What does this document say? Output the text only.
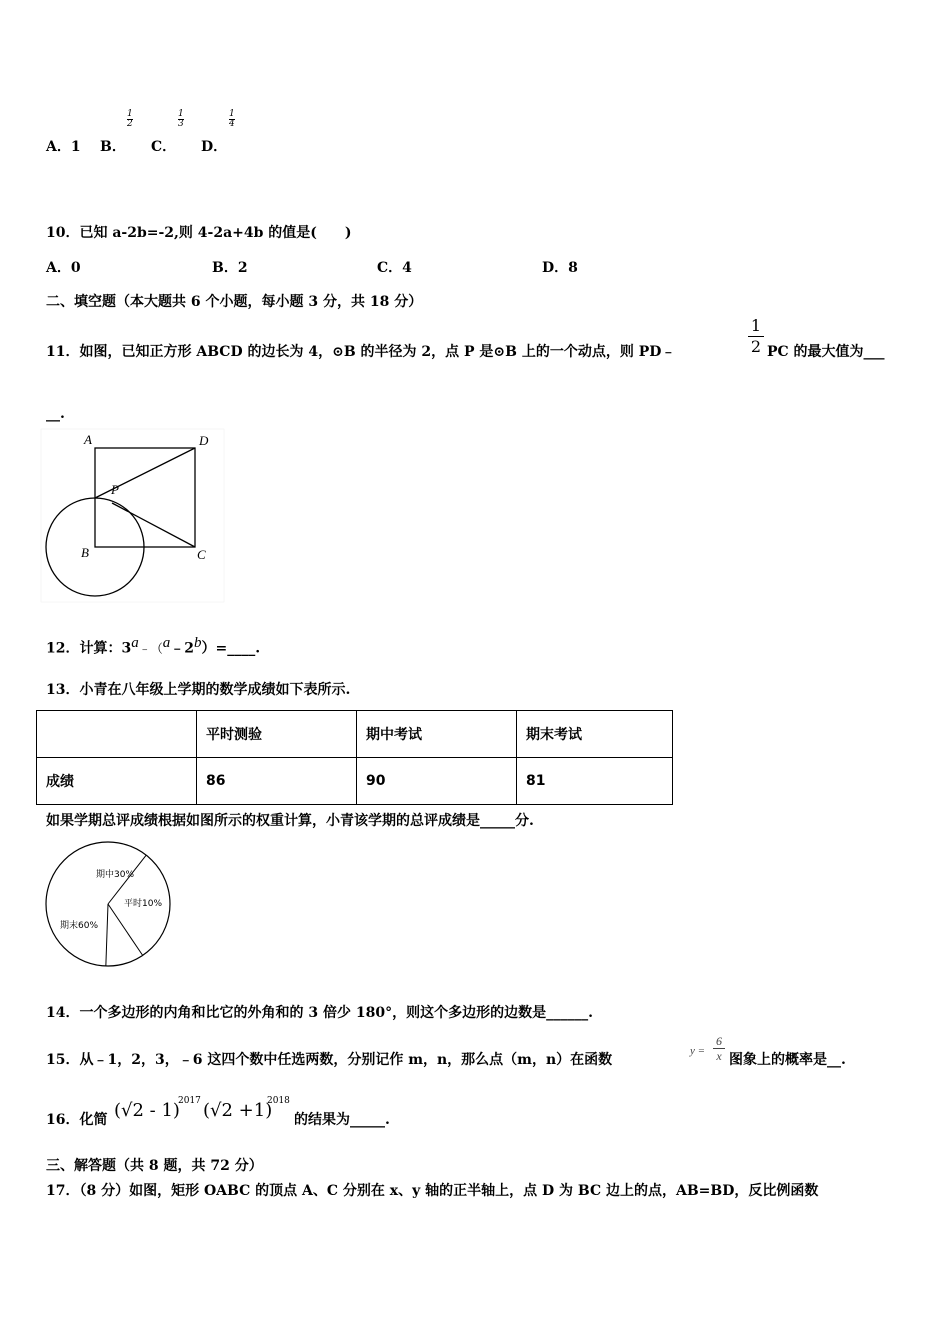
A．1 B．
$\frac{1}{2}$
C．
$\frac{1}{3}$
D．
$\frac{1}{4}$
10．已知 a-2b=-2,则 4-2a+4b 的值是(　　)
A．0	B．2	C．4	D．8
二、填空题（本大题共 6 个小题，每小题 3 分，共 18 分）
11．如图，已知正方形 ABCD 的边长为 4，⊙B 的半径为 2，点 P 是⊙B 上的一个动点，则 PD﹣	$\frac{1}{2}$ PC 的最大值为___
__.
A	D
P
B	C
12．计算：$3^a﹣(^a﹣2^b)=\_\_\_\_$.
13．小青在八年级上学期的数学成绩如下表所示.
	平时测验	期中考试	期末考试
成绩	86	90	81
如果学期总评成绩根据如图所示的权重计算，小青该学期的总评成绩是_____分.
期中30%
平时10%
期末60%
14．一个多边形的内角和比它的外角和的 3 倍少 180°，则这个多边形的边数是______.
15．从﹣1，2，3，﹣6 这四个数中任选两数，分别记作 m，n，那么点（m，n）在函数
$y = \frac{6}{x}$ 图象上的概率是__.
16．化简 (√2 - 1)
2017 (√2 +1)
2018
的结果为_____.
三、解答题（共 8 题，共 72 分）
17．（8 分）如图，矩形 OABC 的顶点 A、C 分别在 x、y 轴的正半轴上，点 D 为 BC 边上的点，AB=BD，反比例函数
